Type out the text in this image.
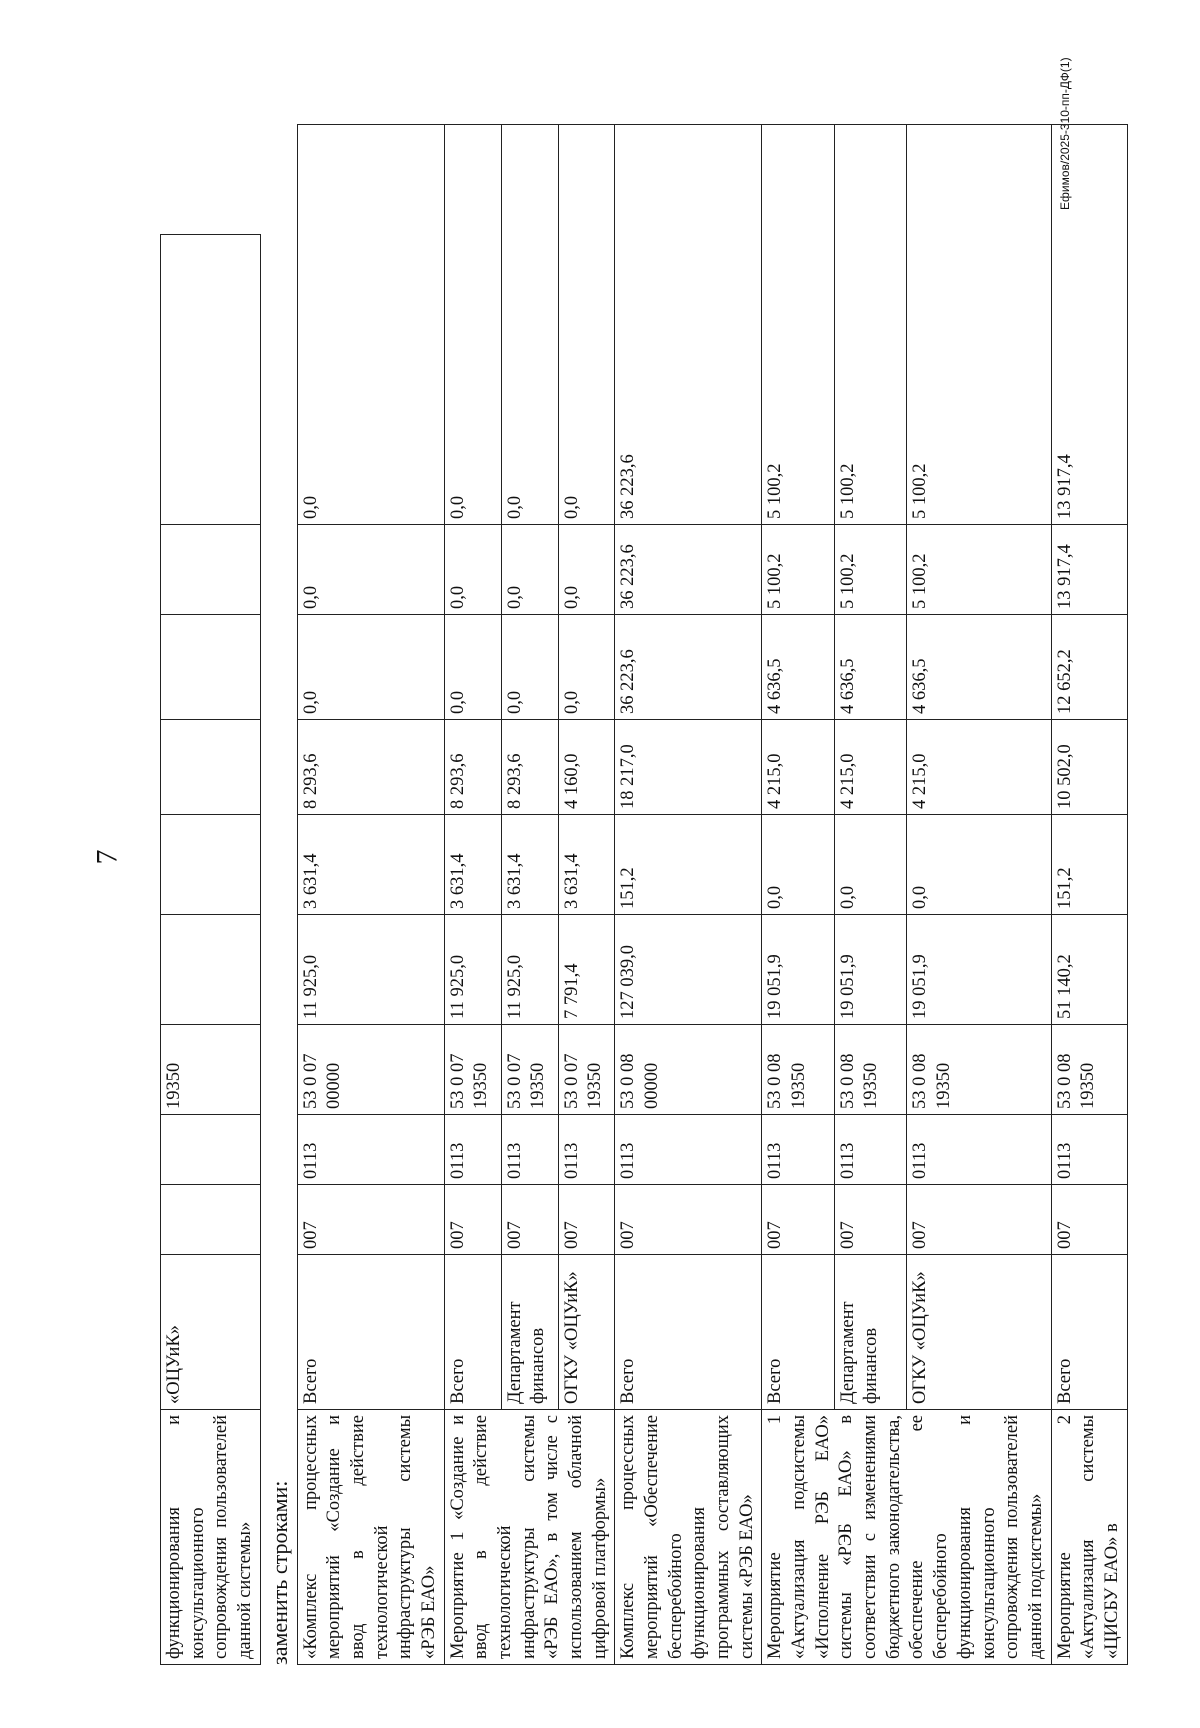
7
Ефимов/2025-310-пп-ДФ(1)
функционирования и консультационного сопровождения пользователей данной системы»	«ОЦУиК»			19350						
заменить строками: «Комплекс процессных мероприятий «Создание и ввод в действие технологической инфраструктуры системы «РЭБ ЕАО»	Всего	007	0113	53 0 07 00000	11 925,0	3 631,4	8 293,6	0,0	0,0	0,0
Мероприятие 1 «Создание и ввод в действие технологической инфраструктуры системы «РЭБ ЕАО», в том числе с использованием облачной цифровой платформы»	Всего	007	0113	53 0 07 19350	11 925,0	3 631,4	8 293,6	0,0	0,0	0,0
	Департамент финансов	007	0113	53 0 07 19350	11 925,0	3 631,4	8 293,6	0,0	0,0	0,0
	ОГКУ «ОЦУиК»	007	0113	53 0 07 19350	7 791,4	3 631,4	4 160,0	0,0	0,0	0,0
Комплекс процессных мероприятий «Обеспечение бесперебойного функционирования программных составляющих системы «РЭБ ЕАО»	Всего	007	0113	53 0 08 00000	127 039,0	151,2	18 217,0	36 223,6	36 223,6	36 223,6
Мероприятие 1 «Актуализация подсистемы «Исполнение РЭБ ЕАО» системы «РЭБ ЕАО» в соответствии с изменениями бюджетного законодательства, обеспечение ее бесперебойного функционирования и консультационного сопровождения пользователей данной подсистемы»	Всего	007	0113	53 0 08 19350	19 051,9	0,0	4 215,0	4 636,5	5 100,2	5 100,2
	Департамент финансов	007	0113	53 0 08 19350	19 051,9	0,0	4 215,0	4 636,5	5 100,2	5 100,2
	ОГКУ «ОЦУиК»	007	0113	53 0 08 19350	19 051,9	0,0	4 215,0	4 636,5	5 100,2	5 100,2
Мероприятие 2 «Актуализация системы «ЦИСБУ ЕАО» в	Всего	007	0113	53 0 08 19350	51 140,2	151,2	10 502,0	12 652,2	13 917,4	13 917,4
